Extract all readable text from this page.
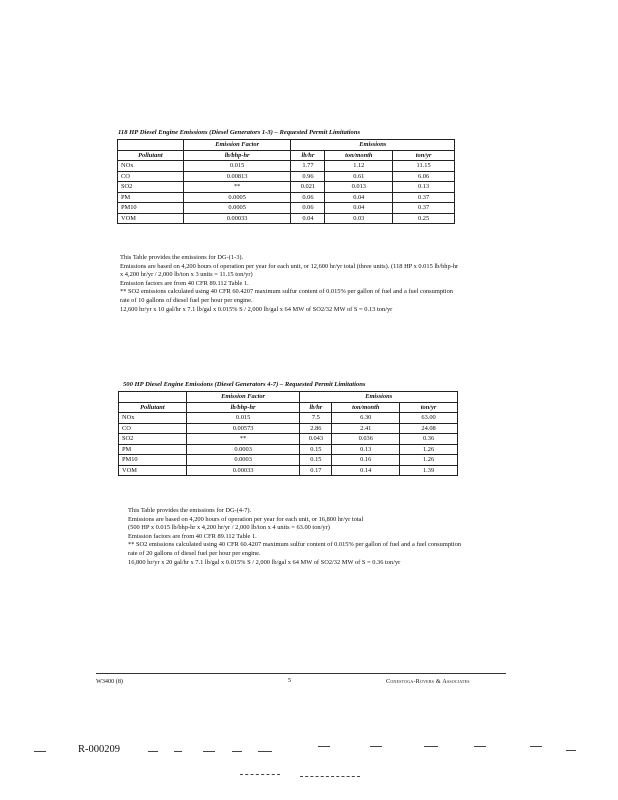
118 HP Diesel Engine Emissions (Diesel Generators 1-3) – Requested Permit Limitations
	Emission Factor	Emissions		
Pollutant	lb/bhp-hr	lb/hr	ton/month	ton/yr
NOx	0.015	1.77	1.12	11.15
CO	0.00813	0.96	0.61	6.06
SO2	**	0.021	0.013	0.13
PM	0.0005	0.06	0.04	0.37
PM10	0.0005	0.06	0.04	0.37
VOM	0.00033	0.04	0.03	0.25

This Table provides the emissions for DG-(1-3).

Emissions are based on 4,200 hours of operation per year for each unit, or 12,600 hr/yr total (three units). (118 HP x 0.015 lb/bhp-hr x 4,200 hr/yr / 2,000 lb/ton x 3 units = 11.15 ton/yr)

Emission factors are from 40 CFR 89.112 Table 1.

** SO2 emissions calculated using 40 CFR 60.4207 maximum sulfur content of 0.015% per gallon of fuel and a fuel consumption rate of 10 gallons of diesel fuel per hour per engine.

12,600 hr/yr x 10 gal/hr x 7.1 lb/gal x 0.015% S / 2,000 lb/gal x 64 MW of SO2/32 MW of S = 0.13 ton/yr

500 HP Diesel Engine Emissions (Diesel Generators 4-7) – Requested Permit Limitations
	Emission Factor	Emissions		
Pollutant	lb/bhp-hr	lb/hr	ton/month	ton/yr
NOx	0.015	7.5	6.30	63.00
CO	0.00573	2.86	2.41	24.08
SO2	**	0.043	0.036	0.36
PM	0.0003	0.15	0.13	1.26
PM10	0.0003	0.15	0.16	1.26
VOM	0.00033	0.17	0.14	1.39

This Table provides the emissions for DG-(4-7).

Emissions are based on 4,200 hours of operation per year for each unit, or 16,800 hr/yr total

(500 HP x 0.015 lb/bhp-hr x 4,200 hr/yr / 2,000 lb/ton x 4 units = 63.00 ton/yr)

Emission factors are from 40 CFR 89.112 Table 1.

** SO2 emissions calculated using 40 CFR 60.4207 maximum sulfur content of 0.015% per gallon of fuel and a fuel consumption rate of 20 gallons of diesel fuel per hour per engine.

16,800 hr/yr x 20 gal/hr x 7.1 lb/gal x 0.015% S / 2,000 lb/gal x 64 MW of SO2/32 MW of S = 0.36 ton/yr

W3400 (8)	5	Conestoga-Rovers & Associates
R-000209
